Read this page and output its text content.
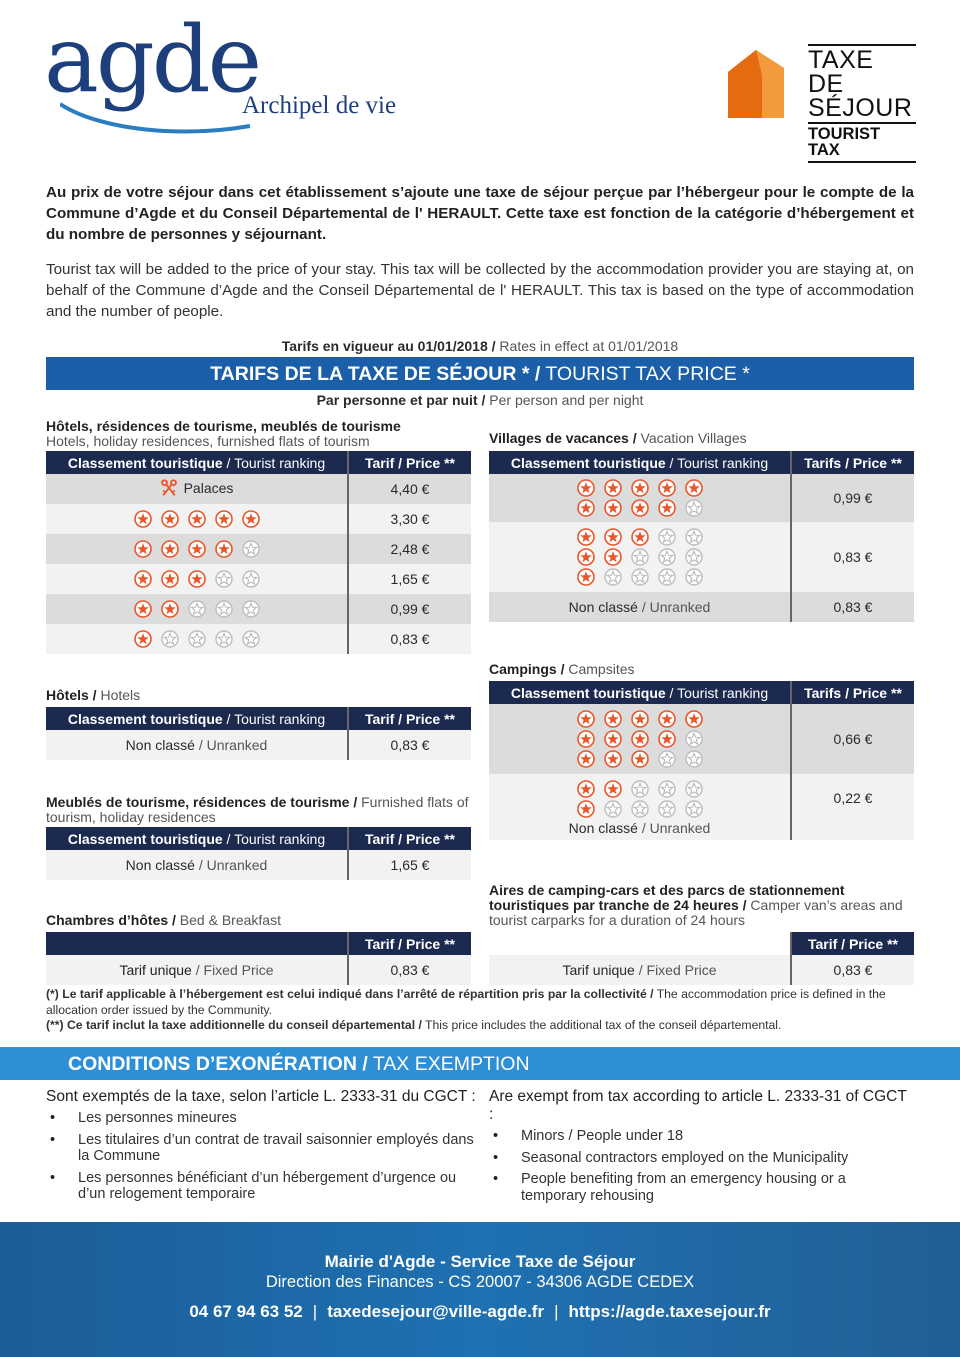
agde
Archipel de vie
TAXE DE
SÉJOUR
TOURIST TAX

Au prix de votre séjour dans cet établissement s’ajoute une taxe de séjour perçue par l’hébergeur pour le compte de la Commune d’Agde et du Conseil Départemental de l' HERAULT. Cette taxe est fonction de la catégorie d’hébergement et du nombre de personnes y séjournant.

Tourist tax will be added to the price of your stay. This tax will be collected by the accommodation provider you are staying at, on behalf of the Commune d’Agde and the Conseil Départemental de l' HERAULT. This tax is based on the type of accommodation and the number of people.

Tarifs en vigueur au 01/01/2018 / Rates in effect at 01/01/2018
TARIFS DE LA TAXE DE SÉJOUR * / TOURIST TAX PRICE *
Par personne et par nuit / Per person and per night
Hôtels, résidences de tourisme, meublés de tourisme
Hotels, holiday residences, furnished flats of tourism
Classement touristique / Tourist ranking	Tarif / Price **

Palaces	4,40 €

	3,30 €

	2,48 €

	1,65 €

	0,99 €

	0,83 €
Hôtels / Hotels
Classement touristique / Tourist ranking	Tarif / Price **
Non classé / Unranked	0,83 €
Meublés de tourisme, résidences de tourisme / Furnished flats of tourism, holiday residences
Classement touristique / Tourist ranking	Tarif / Price **
Non classé / Unranked	1,65 €
Chambres d’hôtes / Bed & Breakfast
	Tarif / Price **
Tarif unique / Fixed Price	0,83 €
Villages de vacances / Vacation Villages
Classement touristique / Tourist ranking	Tarifs / Price **

	0,99 €

	0,83 €
Non classé / Unranked	0,83 €
Campings / Campsites
Classement touristique / Tourist ranking	Tarifs / Price **

	0,66 €

Non classé / Unranked	0,22 €
Aires de camping-cars et des parcs de stationnement touristiques par tranche de 24 heures / Camper van’s areas and tourist carparks for a duration of 24 hours
	Tarif / Price **
Tarif unique / Fixed Price	0,83 €
(*) Le tarif applicable à l’hébergement est celui indiqué dans l’arrêté de répartition pris par la collectivité / The accommodation price is defined in the allocation order issued by the Community.
(**) Ce tarif inclut la taxe additionnelle du conseil départemental / This price includes the additional tax of the conseil départemental.
CONDITIONS D’EXONÉRATION / TAX EXEMPTION
Sont exemptés de la taxe, selon l’article L. 2333-31 du CGCT :
• Les personnes mineures
• Les titulaires d’un contrat de travail saisonnier employés dans la Commune
• Les personnes bénéficiant d’un hébergement d’urgence ou d’un relogement temporaire
Are exempt from tax according to article L. 2333-31 of CGCT :
• Minors / People under 18
• Seasonal contractors employed on the Municipality
• People benefiting from an emergency housing or a temporary rehousing
Mairie d'Agde - Service Taxe de Séjour
Direction des Finances - CS 20007 - 34306 AGDE CEDEX
04 67 94 63 52 | taxedesejour@ville-agde.fr | https://agde.taxesejour.fr
